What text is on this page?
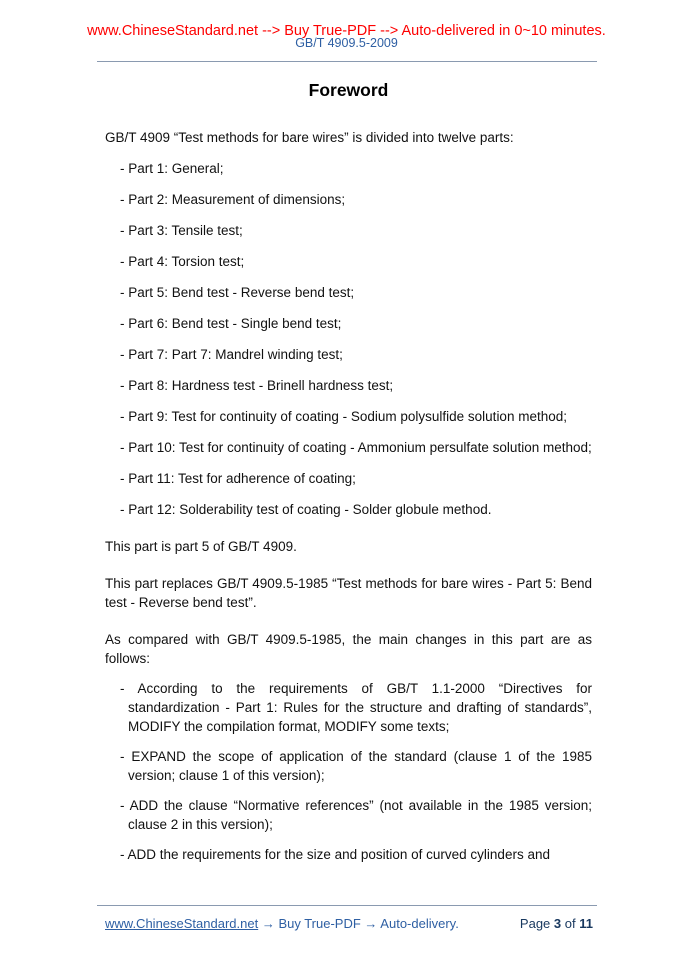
www.ChineseStandard.net --> Buy True-PDF --> Auto-delivered in 0~10 minutes.
GB/T 4909.5-2009
Foreword

GB/T 4909 “Test methods for bare wires” is divided into twelve parts:

- Part 1: General;
- Part 2: Measurement of dimensions;
- Part 3: Tensile test;
- Part 4: Torsion test;
- Part 5: Bend test - Reverse bend test;
- Part 6: Bend test - Single bend test;
- Part 7: Part 7: Mandrel winding test;
- Part 8: Hardness test - Brinell hardness test;
- Part 9: Test for continuity of coating - Sodium polysulfide solution method;
- Part 10: Test for continuity of coating - Ammonium persulfate solution method;
- Part 11: Test for adherence of coating;
- Part 12: Solderability test of coating - Solder globule method.

This part is part 5 of GB/T 4909.

This part replaces GB/T 4909.5-1985 “Test methods for bare wires - Part 5: Bend test - Reverse bend test”.

As compared with GB/T 4909.5-1985, the main changes in this part are as follows:

- According to the requirements of GB/T 1.1-2000 “Directives for standardization - Part 1: Rules for the structure and drafting of standards”, MODIFY the compilation format, MODIFY some texts;
- EXPAND the scope of application of the standard (clause 1 of the 1985 version; clause 1 of this version);
- ADD the clause “Normative references” (not available in the 1985 version; clause 2 in this version);
- ADD the requirements for the size and position of curved cylinders and
www.ChineseStandard.net → Buy True-PDF → Auto-delivery.	Page 3 of 11
